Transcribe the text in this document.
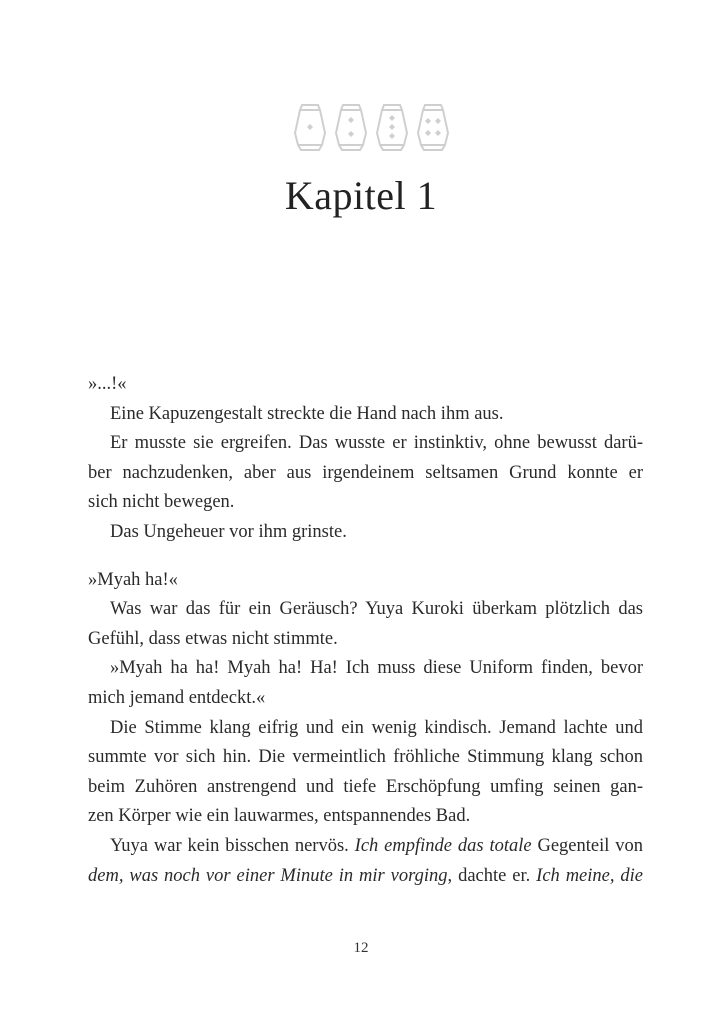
Kapitel 1
»...!«
Eine Kapuzengestalt streckte die Hand nach ihm aus.
Er musste sie ergreifen. Das wusste er instinktiv, ohne bewusst darü-
ber nachzudenken, aber aus irgendeinem seltsamen Grund konnte er
sich nicht bewegen.
Das Ungeheuer vor ihm grinste.
»Myah ha!«
Was war das für ein Geräusch? Yuya Kuroki überkam plötzlich das
Gefühl, dass etwas nicht stimmte.
»Myah ha ha! Myah ha! Ha! Ich muss diese Uniform finden, bevor
mich jemand entdeckt.«
Die Stimme klang eifrig und ein wenig kindisch. Jemand lachte und
summte vor sich hin. Die vermeintlich fröhliche Stimmung klang schon
beim Zuhören anstrengend und tiefe Erschöpfung umfing seinen gan-
zen Körper wie ein lauwarmes, entspannendes Bad.
Yuya war kein bisschen nervös. Ich empfinde das totale Gegenteil von
dem, was noch vor einer Minute in mir vorging, dachte er. Ich meine, die
12
